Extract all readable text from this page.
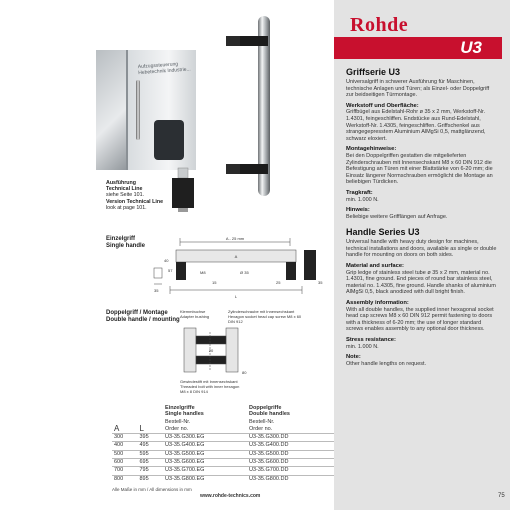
Rohde
U3
Griffserie U3

Universalgriff in schwerer Ausführung für Maschinen, technische Anlagen und Türen; als Einzel- oder Doppelgriff zur beidseitigen Türmontage.

Werkstoff und Oberfläche:

Griffbügel aus Edelstahl-Rohr ø 35 x 2 mm, Werkstoff-Nr. 1.4301, feingeschliffen. Endstücke aus Rund-Edelstahl, Werkstoff-Nr. 1.4305, feingeschliffen. Griffschenkel aus strangegepresstem Aluminium AlMgSi 0,5, mattglänzend, schwarz eloxiert.

Montagehinweise:

Bei den Doppelgriffen gestatten die mitgelieferten Zylinderschrauben mit Innensechskant M8 x 60 DIN 912 die Befestigung an Türen mit einer Blattstärke von 6-20 mm; die Einsatz längerer Normschrauben ermöglicht die Montage an beliebigen Türdicken.

Tragkraft:

min. 1.000 N.

Hinweis:

Beliebige weitere Grifflängen auf Anfrage.

Handle Series U3

Universal handle with heavy duty design for machines, technical installations and doors, available as single or double handle for mounting on doors on both sides.

Material and surface:

Grip ledge of stainless steel tube ø 35 x 2 mm, material no. 1.4301, fine ground. End pieces of round bar stainless steel, material no. 1.4305, fine ground. Handle shanks of aluminium AlMgSi 0,5, black anodized with dull bright finish.

Assembly information:

With all double handles, the supplied inner hexagonal socket head cap screws M8 x 60 DIN 912 permit fastening to doors with a thickness of 6-20 mm; the use of longer standard screws enables assembly to any optional door thickness.

Stress resistance:

min. 1.000 N.

Note:

Other handle lengths on request.

75
Aufzugssteuerung Hebetechnik Industrie...
Ausführung
Technical Line
siehe Seite 101.
Version Technical Line
look at page 101.
Einzelgriff
Single handle
A - 25 mm
A
M8	Ø 35
15	25
35
L
35
40
57
Doppelgriff / Montage
Double handle / mounting
Klemmbuchse
Adapter bushing
Zylinderschraube mit Innensechskant
Hexagon socket head cap screw M8 x 60 DIN 912
20
80
Gewindestift mit Innensechskant
Threaded bolt with inner hexagon
M8 x 8 DIN 914
		Einzelgriffe
Single handles	Doppelgriffe
Double handles
A	L	Bestell-Nr.
Order no.	Bestell-Nr.
Order no.
300	395	U3-35.G300.EG	U3-35.G300.DD
400	495	U3-35.G400.EG	U3-35.G400.DD
500	595	U3-35.G500.EG	U3-35.G500.DD
600	695	U3-35.G600.EG	U3-35.G600.DD
700	795	U3-35.G700.EG	U3-35.G700.DD
800	895	U3-35.G800.EG	U3-35.G800.DD
Alle Maße in mm / All dimensions in mm
www.rohde-technics.com
